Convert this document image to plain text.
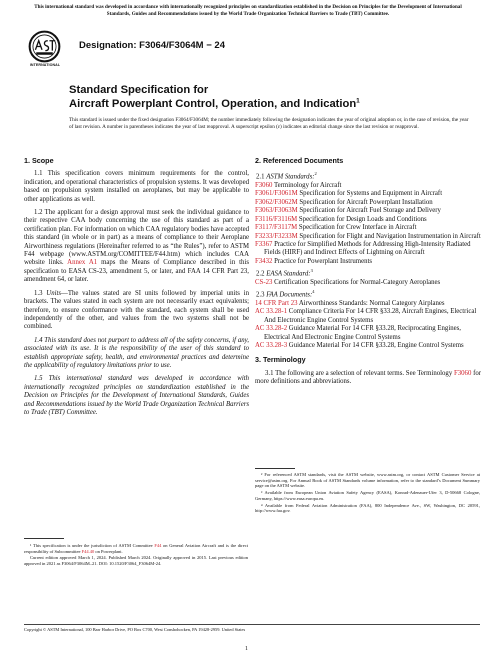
This international standard was developed in accordance with internationally recognized principles on standardization established in the Decision on Principles for the Development of International Standards, Guides and Recommendations issued by the World Trade Organization Technical Barriers to Trade (TBT) Committee.
INTERNATIONAL
Designation: F3064/F3064M − 24
Standard Specification for
Aircraft Powerplant Control, Operation, and Indication$^1$
This standard is issued under the fixed designation F3064/F3064M; the number immediately following the designation indicates the year of original adoption or, in the case of revision, the year of last revision. A number in parentheses indicates the year of last reapproval. A superscript epsilon (ε) indicates an editorial change since the last revision or reapproval.
1. Scope
1.1 This specification covers minimum requirements for the control, indication, and operational characteristics of propulsion systems. It was developed based on propulsion system installed on aeroplanes, but may be applicable to other applications as well.
1.2 The applicant for a design approval must seek the individual guidance to their respective CAA body concerning the use of this standard as part of a certification plan. For information on which CAA regulatory bodies have accepted this standard (in whole or in part) as a means of compliance to their Aeroplane Airworthiness regulations (Hereinafter referred to as “the Rules”), refer to ASTM F44 webpage (www.ASTM.org/COMITTEE/F44.htm) which includes CAA website links. Annex A1 maps the Means of Compliance described in this specification to EASA CS-23, amendment 5, or later, and FAA 14 CFR Part 23, amendment 64, or later.
1.3 Units—The values stated are SI units followed by imperial units in brackets. The values stated in each system are not necessarily exact equivalents; therefore, to ensure conformance with the standard, each system shall be used independently of the other, and values from the two systems shall not be combined.
1.4 This standard does not purport to address all of the safety concerns, if any, associated with its use. It is the responsibility of the user of this standard to establish appropriate safety, health, and environmental practices and determine the applicability of regulatory limitations prior to use.
1.5 This international standard was developed in accordance with internationally recognized principles on standardization established in the Decision on Principles for the Development of International Standards, Guides and Recommendations issued by the World Trade Organization Technical Barriers to Trade (TBT) Committee.
¹ This specification is under the jurisdiction of ASTM Committee F44 on General Aviation Aircraft and is the direct responsibility of Subcommittee F44.40 on Powerplant.
Current edition approved March 1, 2024. Published March 2024. Originally approved in 2015. Last previous edition approved in 2021 as F3064/F3064M–21. DOI: 10.1520/F3064_F3064M-24.
2. Referenced Documents
2.1 ASTM Standards:$^2$
F3060 Terminology for Aircraft
F3061/F3061M Specification for Systems and Equipment in Aircraft
F3062/F3062M Specification for Aircraft Powerplant Installation
F3063/F3063M Specification for Aircraft Fuel Storage and Delivery
F3116/F3116M Specification for Design Loads and Conditions
F3117/F3117M Specification for Crew Interface in Aircraft
F3233/F3233M Specification for Flight and Navigation Instrumentation in Aircraft
F3367 Practice for Simplified Methods for Addressing High-Intensity Radiated Fields (HIRF) and Indirect Effects of Lightning on Aircraft
F3432 Practice for Powerplant Instruments
2.2 EASA Standard:$^3$
CS-23 Certification Specifications for Normal-Category Aeroplanes
2.3 FAA Documents:$^4$
14 CFR Part 23 Airworthiness Standards: Normal Category Airplanes
AC 33.28-1 Compliance Criteria For 14 CFR §33.28, Aircraft Engines, Electrical And Electronic Engine Control Systems
AC 33.28-2 Guidance Material For 14 CFR §33.28, Reciprocating Engines, Electrical And Electronic Engine Control Systems
AC 33.28-3 Guidance Material For 14 CFR §33.28, Engine Control Systems
3. Terminology
3.1 The following are a selection of relevant terms. See Terminology F3060 for more definitions and abbreviations.
² For referenced ASTM standards, visit the ASTM website, www.astm.org, or contact ASTM Customer Service at service@astm.org. For Annual Book of ASTM Standards volume information, refer to the standard’s Document Summary page on the ASTM website.
³ Available from European Union Aviation Safety Agency (EASA), Konrad-Adenauer-Ufer 3, D-50668 Cologne, Germany, https://www.easa.europa.eu.
⁴ Available from Federal Aviation Administration (FAA), 800 Independence Ave., SW, Washington, DC 20591, http://www.faa.gov.
Copyright © ASTM International, 100 Barr Harbor Drive, PO Box C700, West Conshohocken, PA 19428-2959. United States
1
